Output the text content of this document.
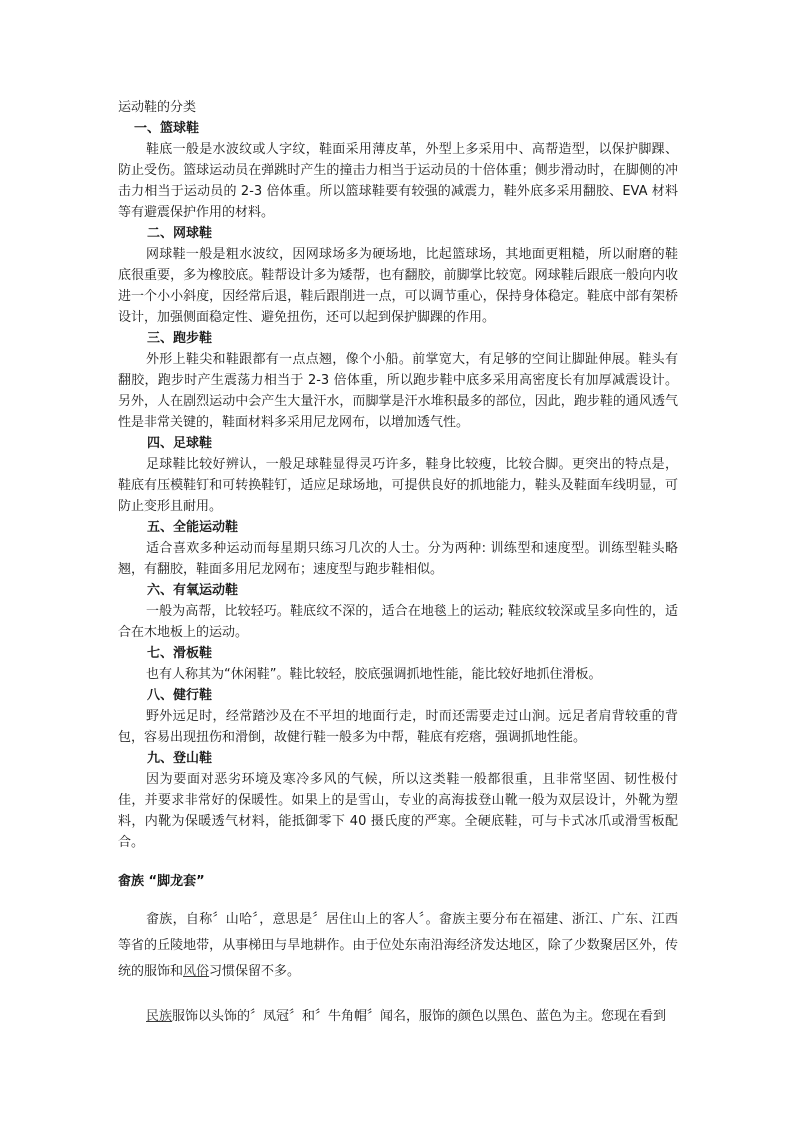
运动鞋的分类

一、篮球鞋

鞋底一般是水波纹或人字纹，鞋面采用薄皮革，外型上多采用中、高帮造型，以保护脚踝、防止受伤。篮球运动员在弹跳时产生的撞击力相当于运动员的十倍体重；侧步滑动时，在脚侧的冲击力相当于运动员的 2-3 倍体重。所以篮球鞋要有较强的减震力，鞋外底多采用翻胶、EVA 材料等有避震保护作用的材料。

二、网球鞋

网球鞋一般是粗水波纹，因网球场多为硬场地，比起篮球场，其地面更粗糙，所以耐磨的鞋底很重要，多为橡胶底。鞋帮设计多为矮帮，也有翻胶，前脚掌比较宽。网球鞋后跟底一般向内收进一个小小斜度，因经常后退，鞋后跟削进一点，可以调节重心，保持身体稳定。鞋底中部有架桥设计，加强侧面稳定性、避免扭伤，还可以起到保护脚踝的作用。

三、跑步鞋

外形上鞋尖和鞋跟都有一点点翘，像个小船。前掌宽大，有足够的空间让脚趾伸展。鞋头有翻胶，跑步时产生震荡力相当于 2-3 倍体重，所以跑步鞋中底多采用高密度长有加厚减震设计。另外，人在剧烈运动中会产生大量汗水，而脚掌是汗水堆积最多的部位，因此，跑步鞋的通风透气性是非常关键的，鞋面材料多采用尼龙网布，以增加透气性。

四、足球鞋

足球鞋比较好辨认，一般足球鞋显得灵巧许多，鞋身比较瘦，比较合脚。更突出的特点是，鞋底有压模鞋钉和可转换鞋钉，适应足球场地，可提供良好的抓地能力，鞋头及鞋面车线明显，可防止变形且耐用。

五、全能运动鞋

适合喜欢多种运动而每星期只练习几次的人士。分为两种: 训练型和速度型。训练型鞋头略翘，有翻胶，鞋面多用尼龙网布；速度型与跑步鞋相似。

六、有氧运动鞋

一般为高帮，比较轻巧。鞋底纹不深的，适合在地毯上的运动; 鞋底纹较深或呈多向性的，适合在木地板上的运动。

七、滑板鞋

也有人称其为“休闲鞋”。鞋比较轻，胶底强调抓地性能，能比较好地抓住滑板。

八、健行鞋

野外远足时，经常踏沙及在不平坦的地面行走，时而还需要走过山涧。远足者肩背较重的背包，容易出现扭伤和滑倒，故健行鞋一般多为中帮，鞋底有疙瘩，强调抓地性能。

九、登山鞋

因为要面对恶劣环境及寒冷多风的气候，所以这类鞋一般都很重，且非常坚固、韧性极付佳，并要求非常好的保暖性。如果上的是雪山，专业的高海拔登山靴一般为双层设计，外靴为塑料，内靴为保暖透气材料，能抵御零下 40 摄氏度的严寒。全硬底鞋，可与卡式冰爪或滑雪板配合。

畲族 “脚龙套”

畲族，自称〞山哈〞，意思是〞居住山上的客人〞。畲族主要分布在福建、浙江、广东、江西等省的丘陵地带，从事梯田与旱地耕作。由于位处东南沿海经济发达地区，除了少数聚居区外，传统的服饰和风俗习惯保留不多。

民族服饰以头饰的〞凤冠〞和〞牛角帽〞闻名，服饰的颜色以黑色、蓝色为主。您现在看到
